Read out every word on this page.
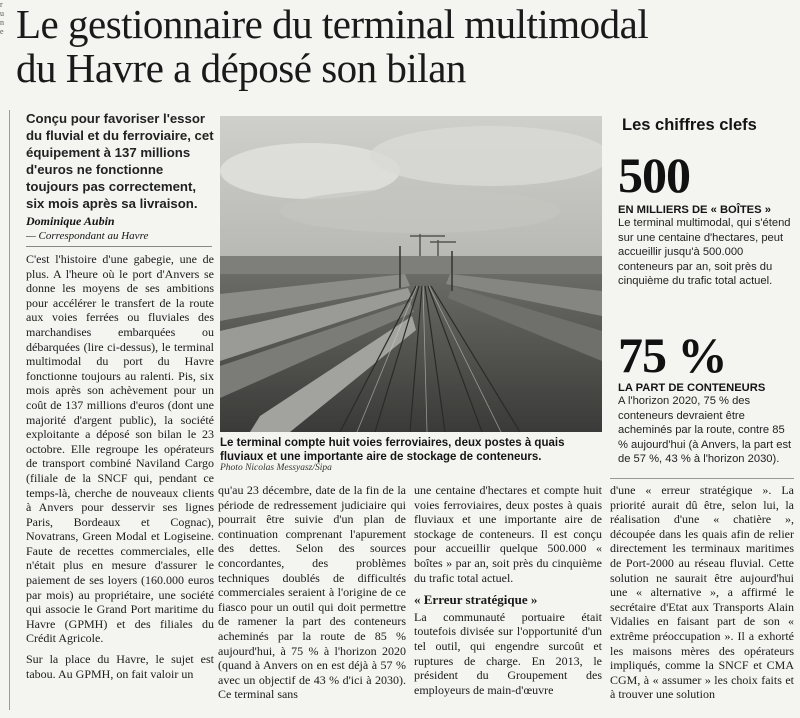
r
u
n
e Le gestionnaire du terminal multimodal
du Havre a déposé son bilan
Conçu pour favoriser l'essor du fluvial et du ferroviaire, cet équipement à 137 millions d'euros ne fonctionne toujours pas correctement, six mois après sa livraison.
Dominique Aubin
— Correspondant au Havre

C'est l'histoire d'une gabegie, une de plus. A l'heure où le port d'Anvers se donne les moyens de ses ambitions pour accélérer le transfert de la route aux voies ferrées ou fluviales des marchandises embarquées ou débarquées (lire ci-dessus), le terminal multimodal du port du Havre fonctionne toujours au ralenti. Pis, six mois après son achèvement pour un coût de 137 millions d'euros (dont une majorité d'argent public), la société exploitante a déposé son bilan le 23 octobre. Elle regroupe les opérateurs de transport combiné Naviland Cargo (filiale de la SNCF qui, pendant ce temps-là, cherche de nouveaux clients à Anvers pour desservir ses lignes Paris, Bordeaux et Cognac), Novatrans, Green Modal et Logiseine. Faute de recettes commerciales, elle n'était plus en mesure d'assurer le paiement de ses loyers (160.000 euros par mois) au propriétaire, une société qui associe le Grand Port maritime du Havre (GPMH) et des filiales du Crédit Agricole.

Sur la place du Havre, le sujet est tabou. Au GPMH, on fait valoir un

Le terminal compte huit voies ferroviaires, deux postes à quais fluviaux et une importante aire de stockage de conteneurs.
Photo Nicolas Messyasz/Sipa
Les chiffres clefs
500
EN MILLIERS DE « BOÎTES »
Le terminal multimodal, qui s'étend sur une centaine d'hectares, peut accueillir jusqu'à 500.000 conteneurs par an, soit près du cinquième du trafic total actuel.
75 %
LA PART DE CONTENEURS
A l'horizon 2020, 75 % des conteneurs devraient être acheminés par la route, contre 85 % aujourd'hui (à Anvers, la part est de 57 %, 43 % à l'horizon 2030).

qu'au 23 décembre, date de la fin de la période de redressement judiciaire qui pourrait être suivie d'un plan de continuation comprenant l'apurement des dettes. Selon des sources concordantes, des problèmes techniques doublés de difficultés commerciales seraient à l'origine de ce fiasco pour un outil qui doit permettre de ramener la part des conteneurs acheminés par la route de 85 % aujourd'hui, à 75 % à l'horizon 2020 (quand à Anvers on en est déjà à 57 % avec un objectif de 43 % d'ici à 2030). Ce terminal sans

une centaine d'hectares et compte huit voies ferroviaires, deux postes à quais fluviaux et une importante aire de stockage de conteneurs. Il est conçu pour accueillir quelque 500.000 « boîtes » par an, soit près du cinquième du trafic total actuel.

« Erreur stratégique »

La communauté portuaire était toutefois divisée sur l'opportunité d'un tel outil, qui engendre surcoût et ruptures de charge. En 2013, le président du Groupement des employeurs de main-d'œuvre

d'une « erreur stratégique ». La priorité aurait dû être, selon lui, la réalisation d'une « chatière », découpée dans les quais afin de relier directement les terminaux maritimes de Port-2000 au réseau fluvial. Cette solution ne saurait être aujourd'hui une « alternative », a affirmé le secrétaire d'Etat aux Transports Alain Vidalies en faisant part de son « extrême préoccupation ». Il a exhorté les maisons mères des opérateurs impliqués, comme la SNCF et CMA CGM, à « assumer » les choix faits et à trouver une solution
